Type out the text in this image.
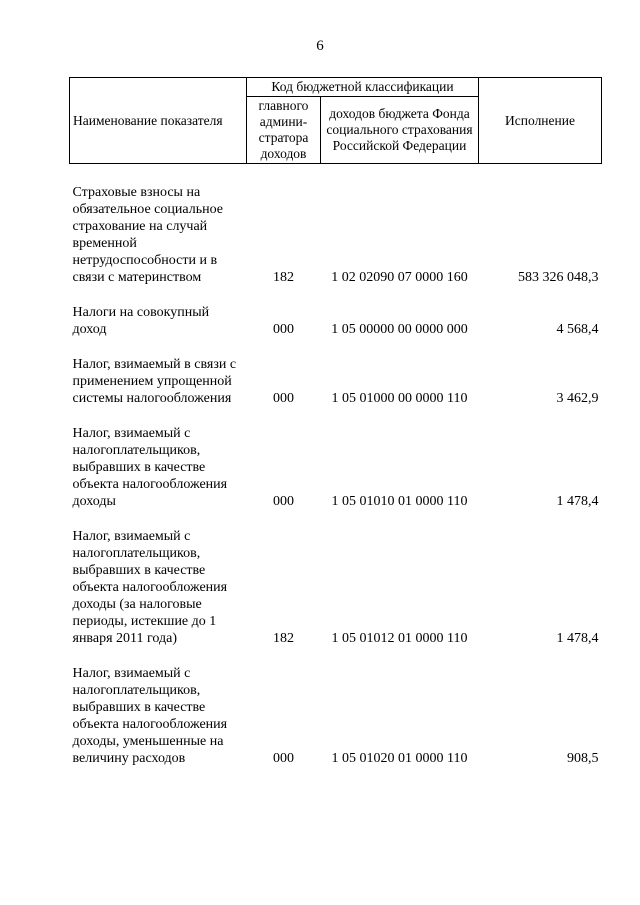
6
Наименование показателя	Код бюджетной классификации		Исполнение
	главного админи-стратора доходов	доходов бюджета Фонда социального страхования Российской Федерации	
Страховые взносы на обязательное социальное страхование на случай временной нетрудоспособности и в связи с материнством	182	1 02 02090 07 0000 160	583 326 048,3
Налоги на совокупный доход	000	1 05 00000 00 0000 000	4 568,4
Налог, взимаемый в связи с применением упрощенной системы налогообложения	000	1 05 01000 00 0000 110	3 462,9
Налог, взимаемый с налогоплательщиков, выбравших в качестве объекта налогообложения доходы	000	1 05 01010 01 0000 110	1 478,4
Налог, взимаемый с налогоплательщиков, выбравших в качестве объекта налогообложения доходы (за налоговые периоды, истекшие до 1 января 2011 года)	182	1 05 01012 01 0000 110	1 478,4
Налог, взимаемый с налогоплательщиков, выбравших в качестве объекта налогообложения доходы, уменьшенные на величину расходов	000	1 05 01020 01 0000 110	908,5
